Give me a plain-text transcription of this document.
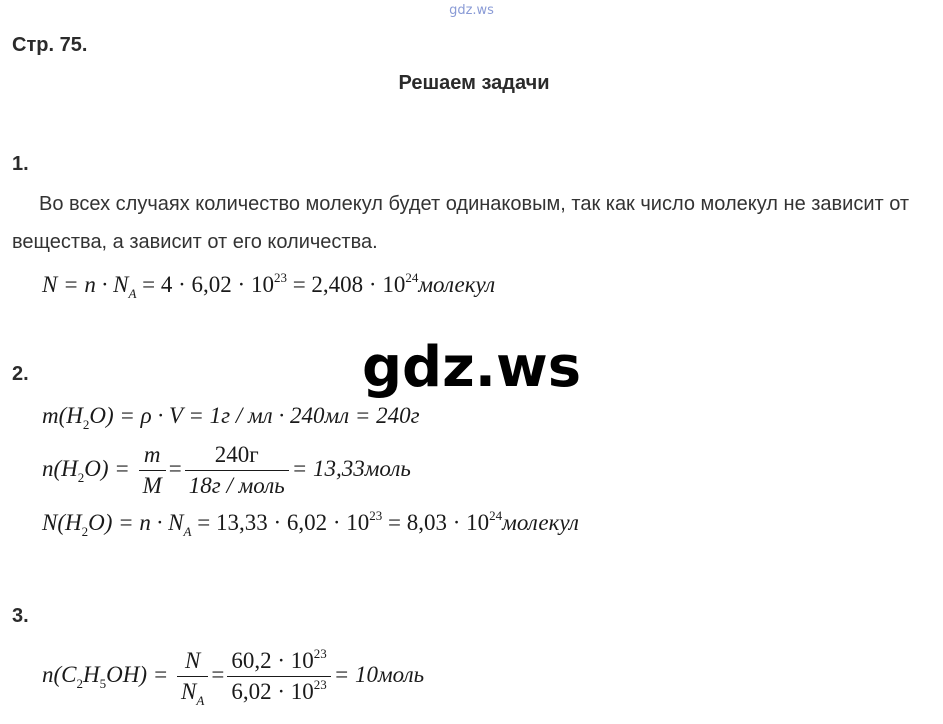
gdz.ws
Стр. 75.
Решаем задачи
1.
Во всех случаях количество молекул будет одинаковым, так как число молекул не зависит от вещества, а зависит от его количества.
$N = n \cdot N_A = 4 \cdot 6,02 \cdot 10^{23} = 2,408$ · $10^{24}молекул$
gdz.ws
2.
$m(H_2O) = \rho \cdot V = 1г$ / мл · 240мл = 240г
$n(H_2O) = \frac{m}{M} = \frac{240г}{\text{18г / моль}}$ = 13,33моль
$N(H_2O) = n \cdot N_A = 13,33 \cdot 6,02 \cdot 10^{23} = 8,03$ · $10^{24}молекул$
3.
$n(C_2H_5OH) = \frac{N}{N_A} = \frac{60,2 \cdot 10^{23}}{6,02 \cdot 10^{23}}$ = 10моль
